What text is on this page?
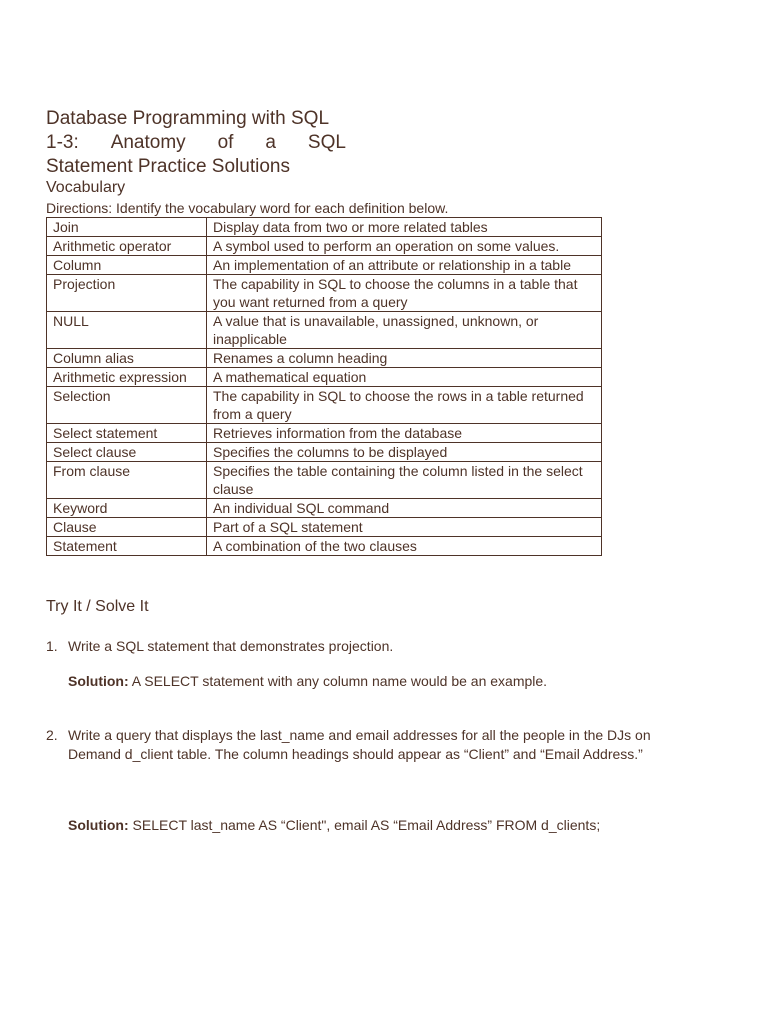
Database Programming with SQL
1-3: Anatomy of a SQL
Statement Practice Solutions
Vocabulary
Directions: Identify the vocabulary word for each definition below.
Join	Display data from two or more related tables
Arithmetic operator	A symbol used to perform an operation on some values.
Column	An implementation of an attribute or relationship in a table
Projection	The capability in SQL to choose the columns in a table that you want returned from a query
NULL	A value that is unavailable, unassigned, unknown, or inapplicable
Column alias	Renames a column heading
Arithmetic expression	A mathematical equation
Selection	The capability in SQL to choose the rows in a table returned from a query
Select statement	Retrieves information from the database
Select clause	Specifies the columns to be displayed
From clause	Specifies the table containing the column listed in the select clause
Keyword	An individual SQL command
Clause	Part of a SQL statement
Statement	A combination of the two clauses
Try It / Solve It
1. Write a SQL statement that demonstrates projection.
Solution: A SELECT statement with any column name would be an example.
2. Write a query that displays the last_name and email addresses for all the people in the DJs on Demand d_client table. The column headings should appear as “Client” and “Email Address.”
Solution: SELECT last_name AS “Client", email AS “Email Address” FROM d_clients;
